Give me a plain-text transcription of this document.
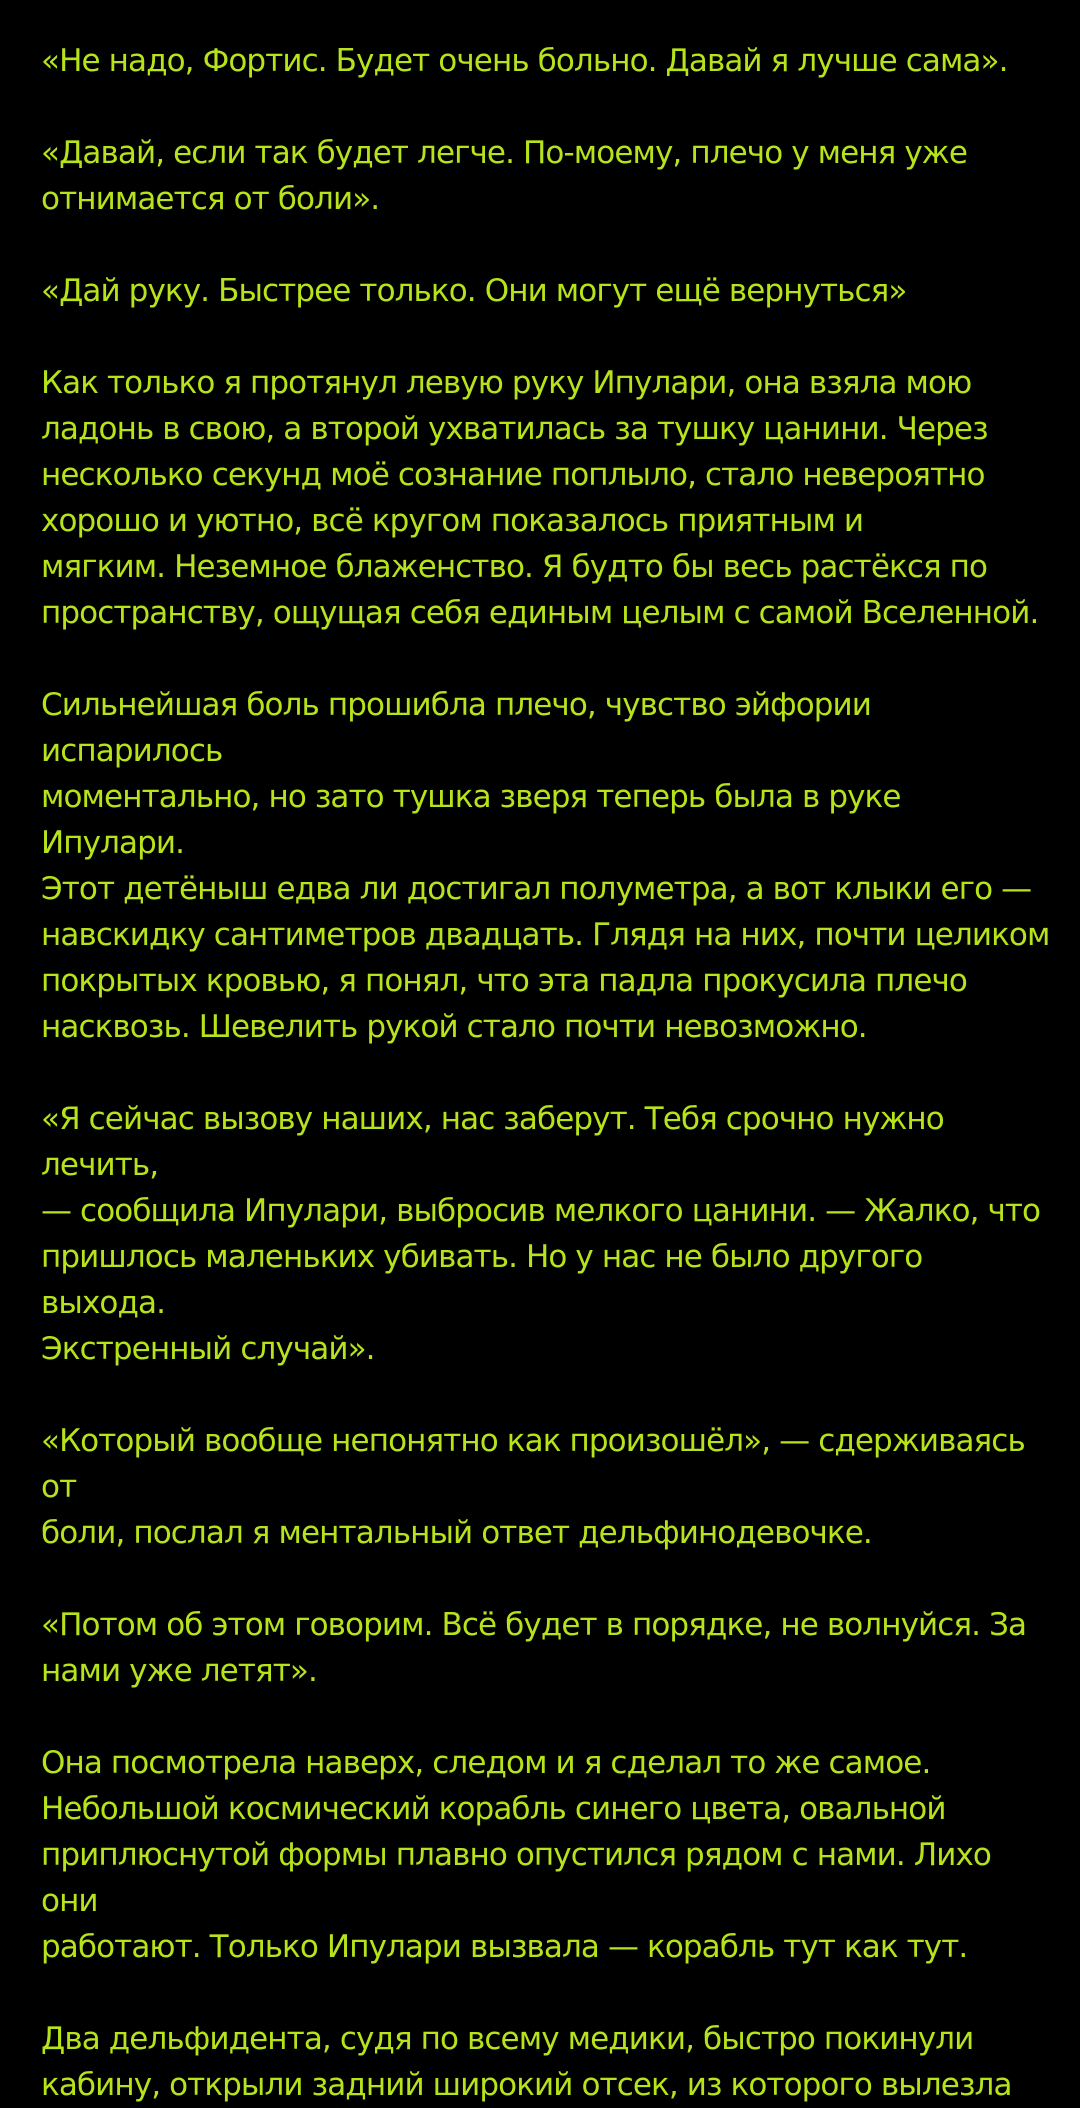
«Не надо, Фортис. Будет очень больно. Давай я лучше сама».

«Давай, если так будет легче. По-моему, плечо у меня уже
отнимается от боли».

«Дай руку. Быстрее только. Они могут ещё вернуться»

Как только я протянул левую руку Ипулари, она взяла мою
ладонь в свою, а второй ухватилась за тушку цанини. Через
несколько секунд моё сознание поплыло, стало невероятно
хорошо и уютно, всё кругом показалось приятным и
мягким. Неземное блаженство. Я будто бы весь растёкся по
пространству, ощущая себя единым целым с самой Вселенной.

Сильнейшая боль прошибла плечо, чувство эйфории испарилось
моментально, но зато тушка зверя теперь была в руке Ипулари.
Этот детёныш едва ли достигал полуметра, а вот клыки его —
навскидку сантиметров двадцать. Глядя на них, почти целиком
покрытых кровью, я понял, что эта падла прокусила плечо
насквозь. Шевелить рукой стало почти невозможно.

«Я сейчас вызову наших, нас заберут. Тебя срочно нужно лечить,
— сообщила Ипулари, выбросив мелкого цанини. — Жалко, что
пришлось маленьких убивать. Но у нас не было другого выхода.
Экстренный случай».

«Который вообще непонятно как произошёл», — сдерживаясь от
боли, послал я ментальный ответ дельфинодевочке.

«Потом об этом говорим. Всё будет в порядке, не волнуйся. За
нами уже летят».

Она посмотрела наверх, следом и я сделал то же самое.
Небольшой космический корабль синего цвета, овальной
приплюснутой формы плавно опустился рядом с нами. Лихо они
работают. Только Ипулари вызвала — корабль тут как тут.

Два дельфидента, судя по всему медики, быстро покинули
кабину, открыли задний широкий отсек, из которого вылезла
